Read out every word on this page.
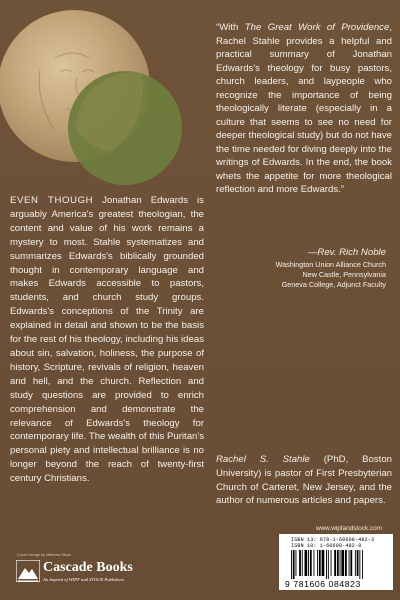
EVEN THOUGH Jonathan Edwards is arguably America's greatest theologian, the content and value of his work remains a mystery to most. Stahle systematizes and summarizes Edwards's biblically grounded thought in contemporary language and makes Edwards accessible to pastors, students, and church study groups. Edwards's conceptions of the Trinity are explained in detail and shown to be the basis for the rest of his theology, including his ideas about sin, salvation, holiness, the purpose of history, Scripture, revivals of religion, heaven and hell, and the church. Reflection and study questions are provided to enrich comprehension and demonstrate the relevance of Edwards's theology for contemporary life. The wealth of this Puritan's personal piety and intellectual brilliance is no longer beyond the reach of twenty-first century Christians.
“With The Great Work of Providence, Rachel Stahle provides a helpful and practical summary of Jonathan Edwards's theology for busy pastors, church leaders, and laypeople who recognize the importance of being theologically literate (especially in a culture that seems to see no need for deeper theological study) but do not have the time needed for diving deeply into the writings of Edwards. In the end, the book whets the appetite for more theological reflection and more Edwards.”
—Rev. Rich Noble
Washington Union Alliance Church
New Castle, Pennsylvania
Geneva College, Adjunct Faculty
Rachel S. Stahle (PhD, Boston University) is pastor of First Presbyterian Church of Carteret, New Jersey, and the author of numerous articles and papers.
www.wipfandstock.com
ISBN 13: 978-1-60608-482-3
ISBN 10: 1-60608-482-8
9 781606 084823
Cover Design by Matthew Stock
Cascade Books
An Imprint of WIPF and STOCK Publishers
